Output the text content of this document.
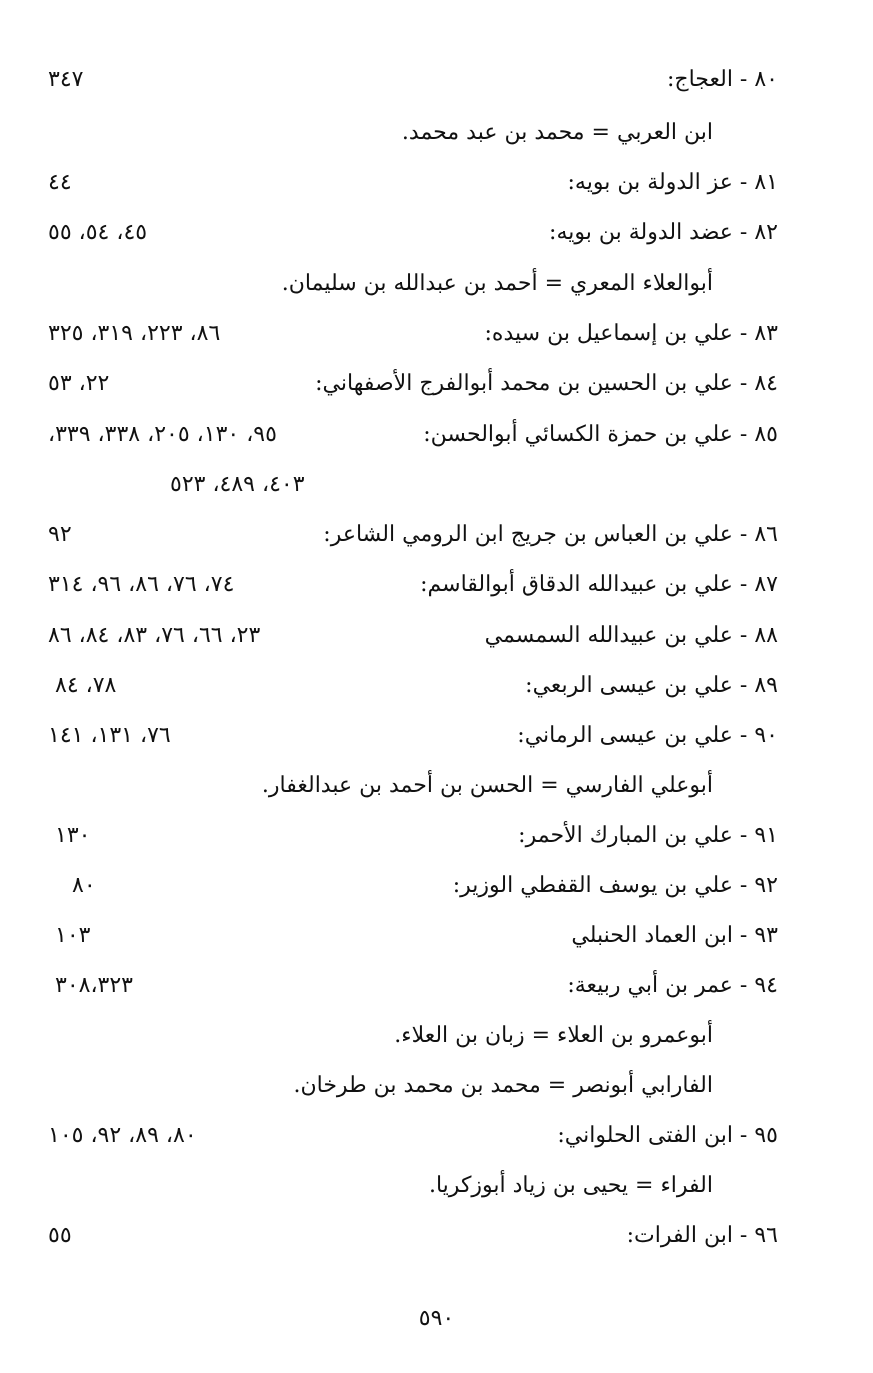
٨٠ - العجاج:
٣٤٧
ابن العربي = محمد بن عبد محمد.
٨١ - عز الدولة بن بويه:
٤٤
٨٢ - عضد الدولة بن بويه:
٤٥، ٥٤، ٥٥
أبوالعلاء المعري = أحمد بن عبدالله بن سليمان.
٨٣ - علي بن إسماعيل بن سيده:
٨٦، ٢٢٣، ٣١٩، ٣٢٥
٨٤ - علي بن الحسين بن محمد أبوالفرج الأصفهاني:
٢٢، ٥٣
٨٥ - علي بن حمزة الكسائي أبوالحسن:
٩٥، ١٣٠، ٢٠٥، ٣٣٨، ٣٣٩،
٤٠٣، ٤٨٩، ٥٢٣
٨٦ - علي بن العباس بن جريج ابن الرومي الشاعر:
٩٢
٨٧ - علي بن عبيدالله الدقاق أبوالقاسم:
٧٤، ٧٦، ٨٦، ٩٦، ٣١٤
٨٨ - علي بن عبيدالله السمسمي
٢٣، ٦٦، ٧٦، ٨٣، ٨٤، ٨٦
٨٩ - علي بن عيسى الربعي:
٧٨، ٨٤
٩٠ - علي بن عيسى الرماني:
٧٦، ١٣١، ١٤١
أبوعلي الفارسي = الحسن بن أحمد بن عبدالغفار.
٩١ - علي بن المبارك الأحمر:
١٣٠
٩٢ - علي بن يوسف القفطي الوزير:
٨٠
٩٣ - ابن العماد الحنبلي
١٠٣
٩٤ - عمر بن أبي ربيعة:
٣٠٨،٣٢٣
أبوعمرو بن العلاء = زبان بن العلاء.
الفارابي أبونصر = محمد بن محمد بن طرخان.
٩٥ - ابن الفتى الحلواني:
٨٠، ٨٩، ٩٢، ١٠٥
الفراء = يحيى بن زياد أبوزكريا.
٩٦ - ابن الفرات:
٥٥
٥٩٠
